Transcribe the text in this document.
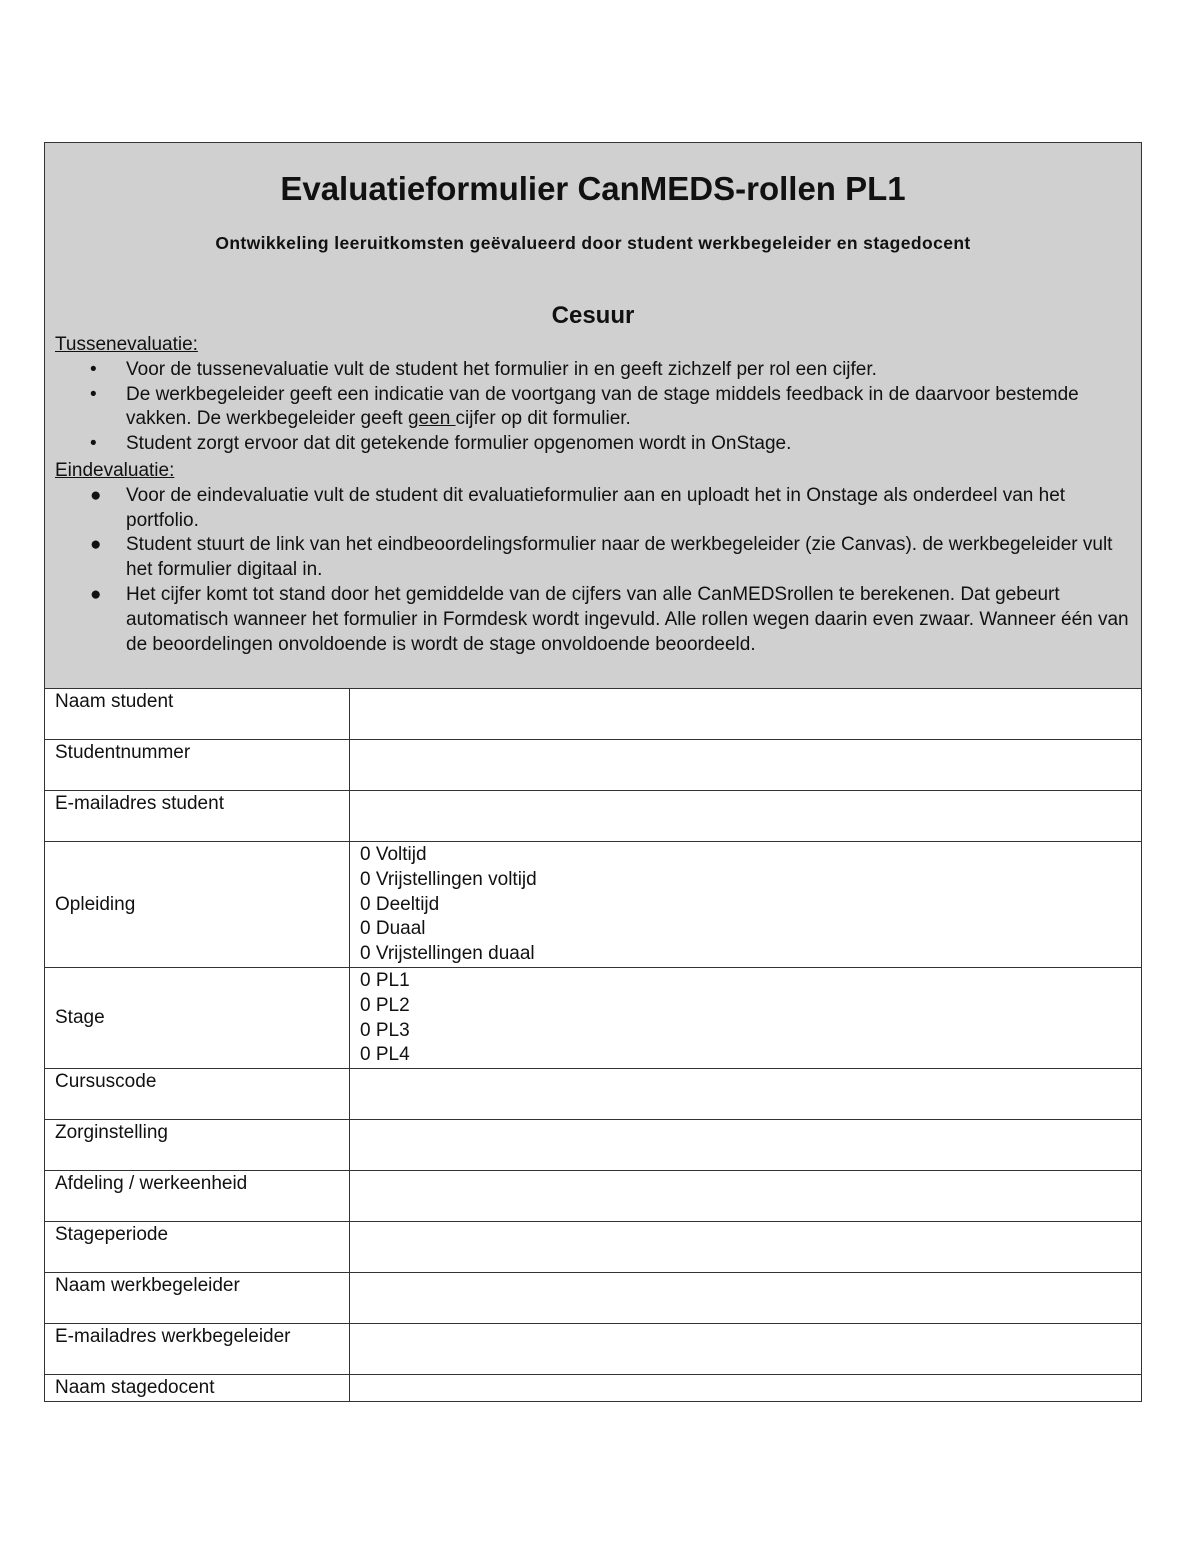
Evaluatieformulier CanMEDS-rollen PL1
Ontwikkeling leeruitkomsten geëvalueerd door student werkbegeleider en stagedocent
Cesuur
Tussenevaluatie:
• Voor de tussenevaluatie vult de student het formulier in en geeft zichzelf per rol een cijfer.
• De werkbegeleider geeft een indicatie van de voortgang van de stage middels feedback in de daarvoor bestemde vakken. De werkbegeleider geeft geen cijfer op dit formulier.
• Student zorgt ervoor dat dit getekende formulier opgenomen wordt in OnStage.
Eindevaluatie:
● Voor de eindevaluatie vult de student dit evaluatieformulier aan en uploadt het in Onstage als onderdeel van het portfolio.
● Student stuurt de link van het eindbeoordelingsformulier naar de werkbegeleider (zie Canvas). de werkbegeleider vult het formulier digitaal in.
● Het cijfer komt tot stand door het gemiddelde van de cijfers van alle CanMEDSrollen te berekenen. Dat gebeurt automatisch wanneer het formulier in Formdesk wordt ingevuld. Alle rollen wegen daarin even zwaar. Wanneer één van de beoordelingen onvoldoende is wordt de stage onvoldoende beoordeeld.
Naam student	
Studentnummer	
E-mailadres student	
Opleiding	0 Voltijd
0 Vrijstellingen voltijd
0 Deeltijd
0 Duaal
0 Vrijstellingen duaal

Stage	0 PL1
0 PL2
0 PL3
0 PL4

Cursuscode	
Zorginstelling	
Afdeling / werkeenheid	
Stageperiode	
Naam werkbegeleider	
E-mailadres werkbegeleider	
Naam stagedocent	
